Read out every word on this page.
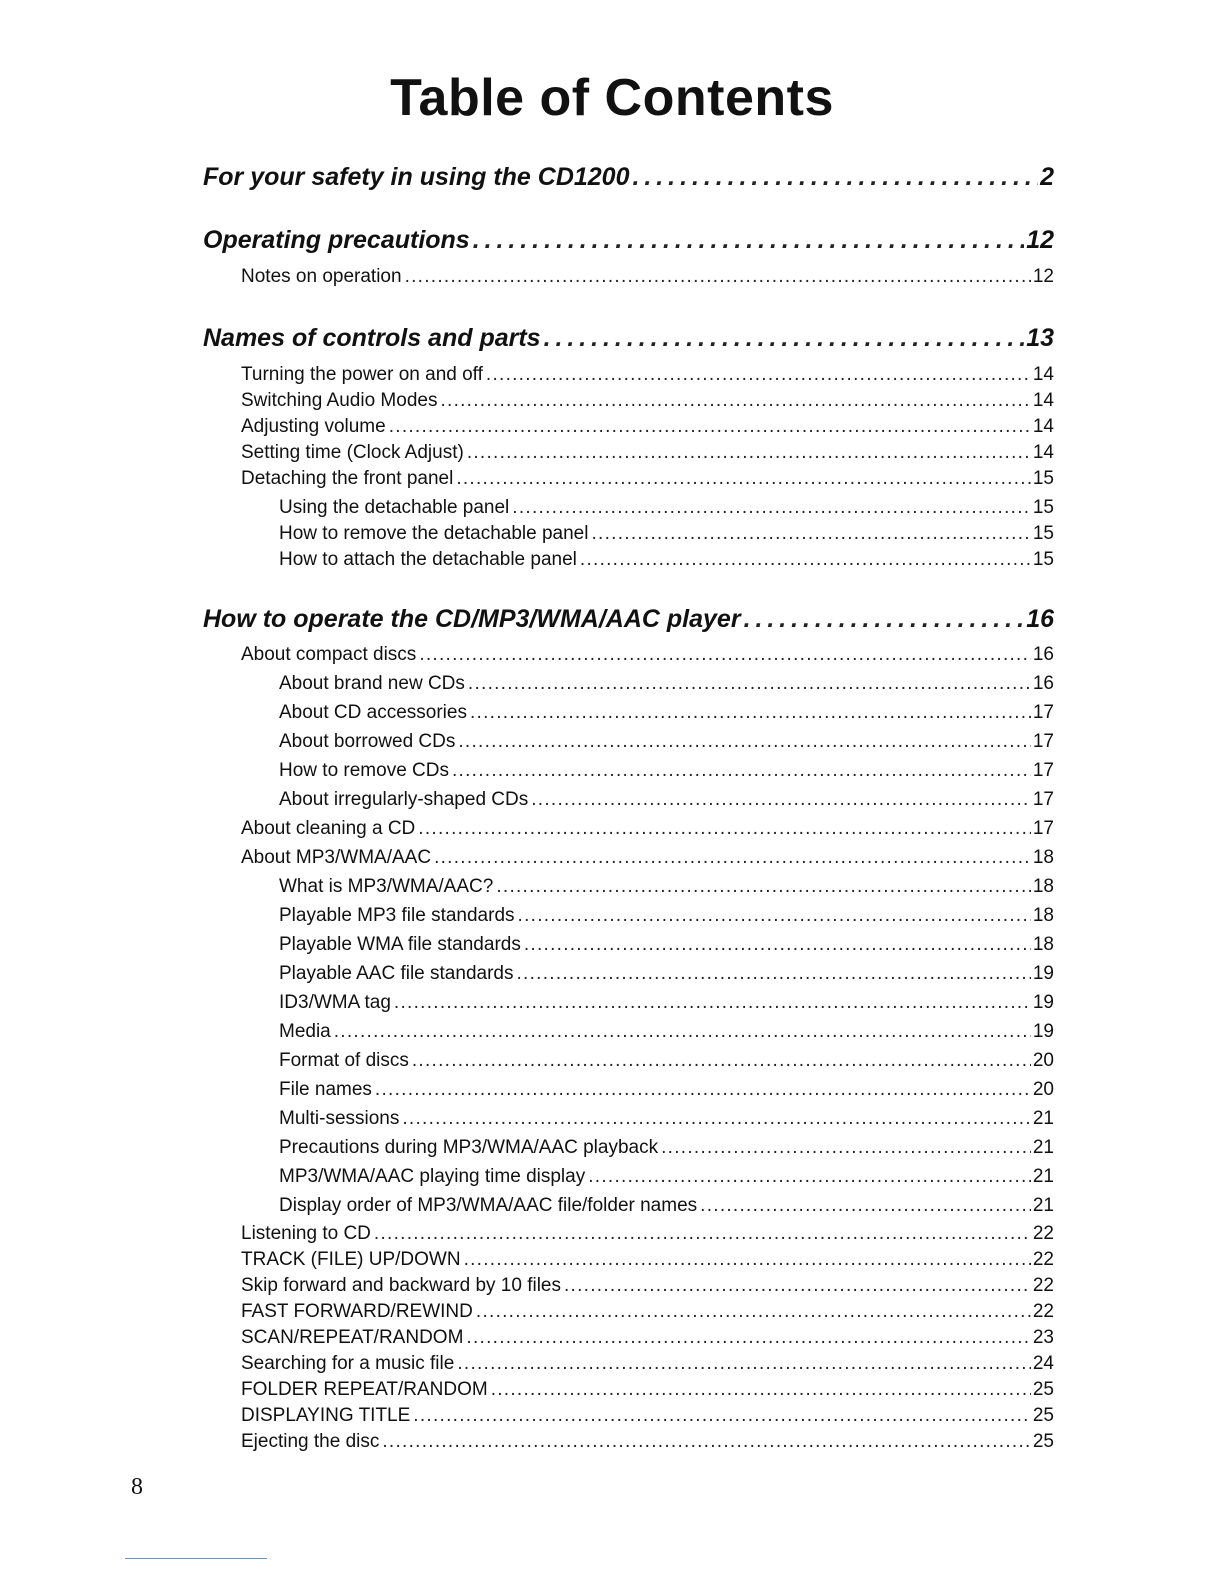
Table of Contents
For your safety in using the CD1200 . . .	2
Operating precautions . . .	12
Notes on operation . . .	12
Names of controls and parts . . .	13
Turning the power on and off . . .	14
Switching Audio Modes . . .	14
Adjusting volume . . .	14
Setting time (Clock Adjust) . . .	14
Detaching the front panel . . .	15
Using the detachable panel . . .	15
How to remove the detachable panel . . .	15
How to attach the detachable panel . . .	15
How to operate the CD/MP3/WMA/AAC player . . .	16
About compact discs . . .	16
About brand new CDs . . .	16
About CD accessories . . .	17
About borrowed CDs . . .	17
How to remove CDs . . .	17
About irregularly-shaped CDs . . .	17
About cleaning a CD . . .	17
About MP3/WMA/AAC . . .	18
What is MP3/WMA/AAC? . . .	18
Playable MP3 file standards . . .	18
Playable WMA file standards . . .	18
Playable AAC file standards . . .	19
ID3/WMA tag . . .	19
Media . . .	19
Format of discs . . .	20
File names . . .	20
Multi-sessions . . .	21
Precautions during MP3/WMA/AAC playback . . .	21
MP3/WMA/AAC playing time display . . .	21
Display order of MP3/WMA/AAC file/folder names . . .	21
Listening to CD . . .	22
TRACK (FILE) UP/DOWN . . .	22
Skip forward and backward by 10 files . . .	22
FAST FORWARD/REWIND . . .	22
SCAN/REPEAT/RANDOM . . .	23
Searching for a music file . . .	24
FOLDER REPEAT/RANDOM . . .	25
DISPLAYING TITLE . . .	25
Ejecting the disc . . .	25
8
